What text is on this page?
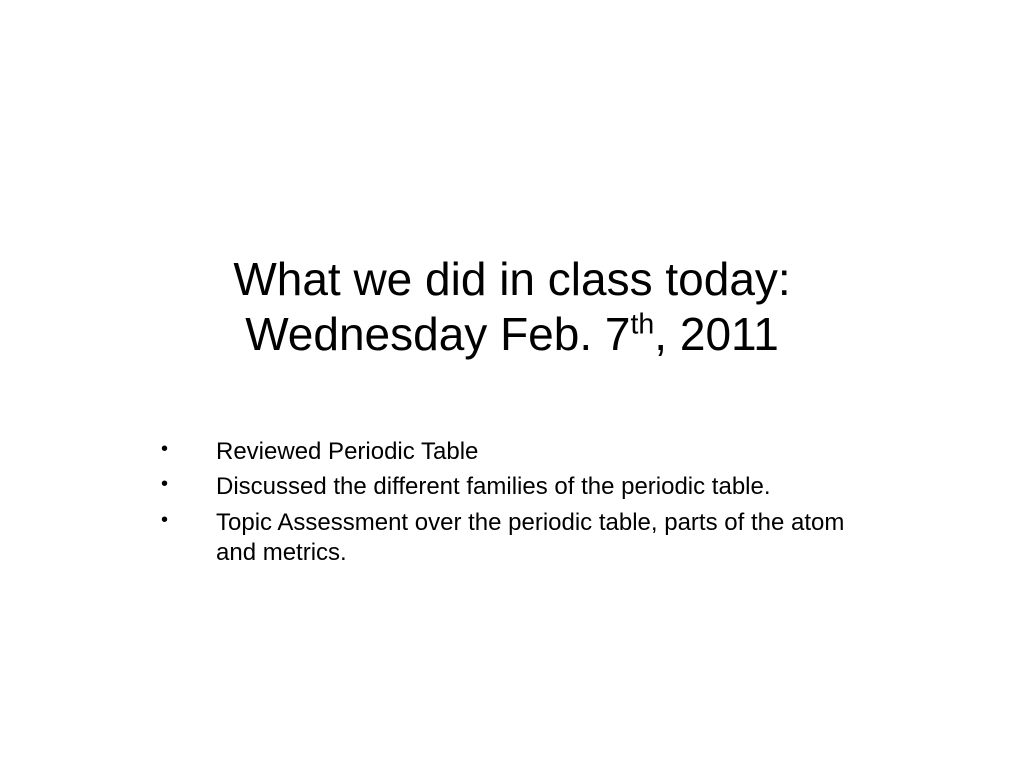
What we did in class today:
Wednesday Feb. 7th, 2011
• Reviewed Periodic Table
• Discussed the different families of the periodic table.
• Topic Assessment over the periodic table, parts of the atom and metrics.
